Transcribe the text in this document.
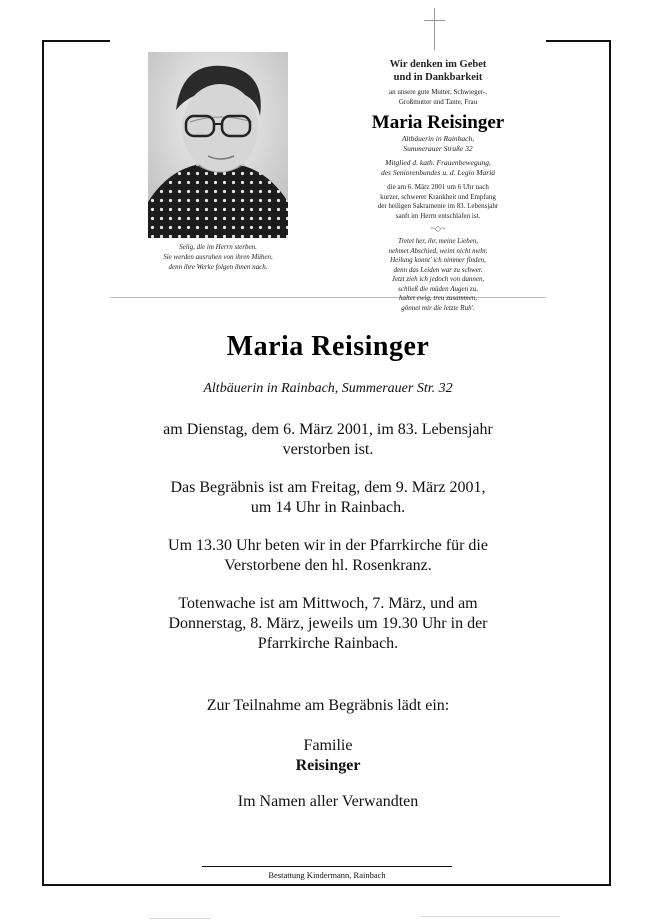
Selig, die im Herrn sterben.
Sie werden ausruhen von ihren Mühen,
denn ihre Werke folgen ihnen nach.
Wir denken im Gebet
und in Dankbarkeit
an unsere gute Mutter, Schwieger-,
Großmutter und Tante, Frau
Maria Reisinger
Altbäuerin in Rainbach,
Summerauer Straße 32
Mitglied d. kath. Frauenbewegung,
des Seniorenbundes u. d. Legio Mariä
die am 6. März 2001 um 6 Uhr nach
kurzer, schwerer Krankheit und Empfang
der heiligen Sakramente im 83. Lebensjahr
sanft im Herrn entschlafen ist.
~◇~
Tretet her, ihr, meine Lieben,
nehmet Abschied, weint nicht mehr.
Heilung konnt' ich nimmer finden,
denn das Leiden war zu schwer.
Jetzt zieh ich jedoch von dannen,
schließ die müden Augen zu,
haltet ewig, treu zusammen,
gönnet mir die letzte Ruh'.
Maria Reisinger
Altbäuerin in Rainbach, Summerauer Str. 32
am Dienstag, dem 6. März 2001, im 83. Lebensjahr
verstorben ist.
Das Begräbnis ist am Freitag, dem 9. März 2001,
um 14 Uhr in Rainbach.
Um 13.30 Uhr beten wir in der Pfarrkirche für die
Verstorbene den hl. Rosenkranz.
Totenwache ist am Mittwoch, 7. März, und am
Donnerstag, 8. März, jeweils um 19.30 Uhr in der
Pfarrkirche Rainbach.
Zur Teilnahme am Begräbnis lädt ein:
Familie
Reisinger
Im Namen aller Verwandten
Bestattung Kindermann, Rainbach
